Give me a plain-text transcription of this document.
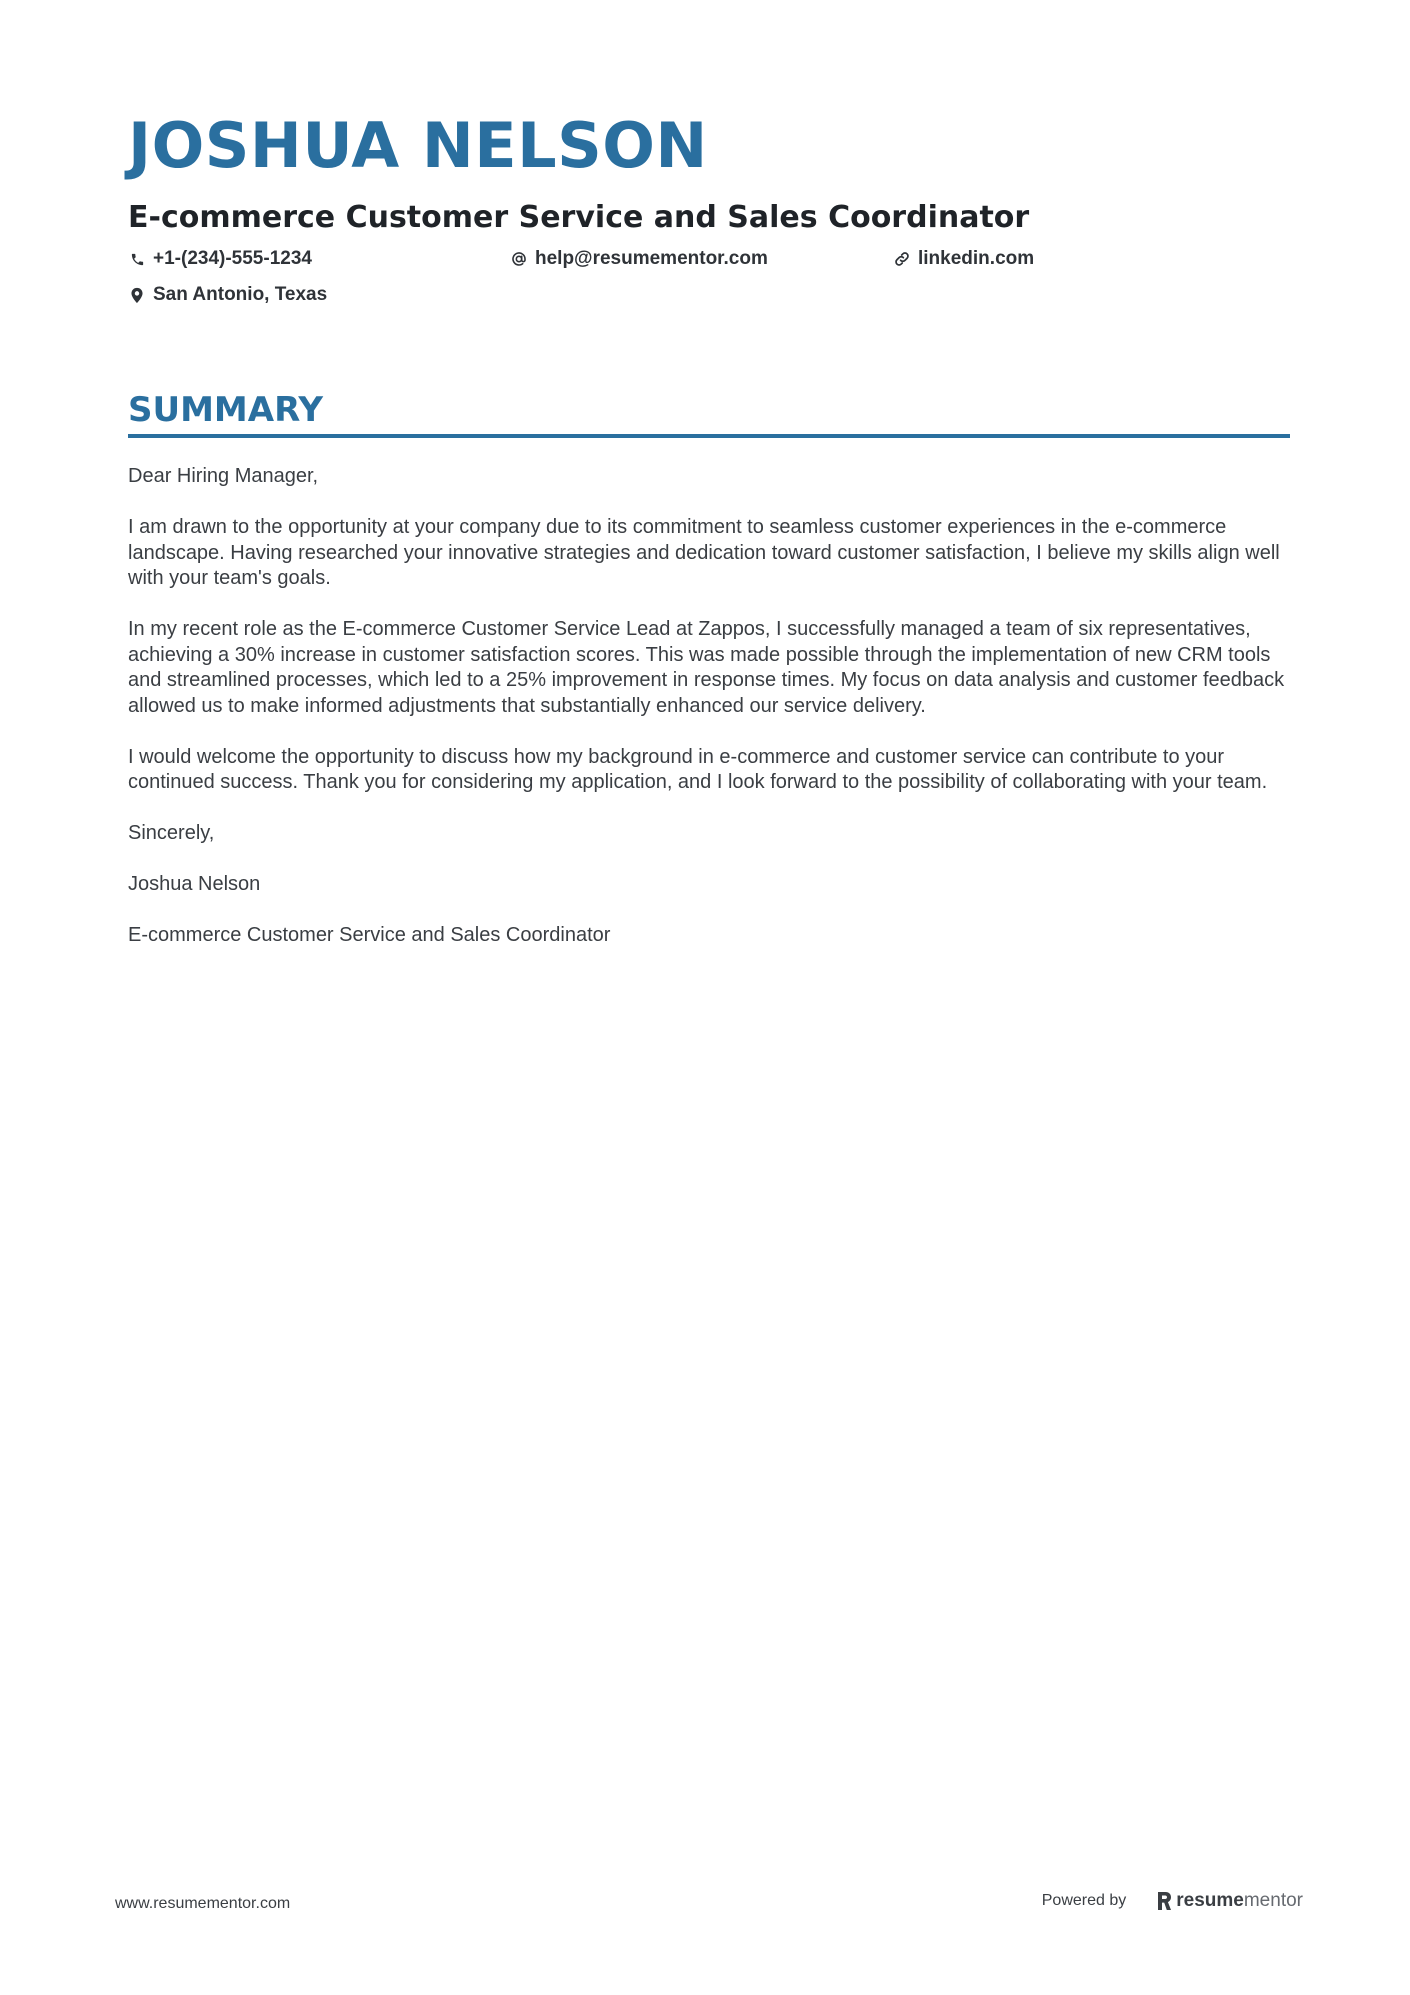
JOSHUA NELSON
E-commerce Customer Service and Sales Coordinator
+1-(234)-555-1234	help@resumementor.com	linkedin.com
San Antonio, Texas
SUMMARY

Dear Hiring Manager,

I am drawn to the opportunity at your company due to its commitment to seamless customer experiences in the e-commerce landscape. Having researched your innovative strategies and dedication toward customer satisfaction, I believe my skills align well with your team's goals.

In my recent role as the E-commerce Customer Service Lead at Zappos, I successfully managed a team of six representatives, achieving a 30% increase in customer satisfaction scores. This was made possible through the implementation of new CRM tools and streamlined processes, which led to a 25% improvement in response times. My focus on data analysis and customer feedback allowed us to make informed adjustments that substantially enhanced our service delivery.

I would welcome the opportunity to discuss how my background in e-commerce and customer service can contribute to your continued success. Thank you for considering my application, and I look forward to the possibility of collaborating with your team.

Sincerely,

Joshua Nelson

E-commerce Customer Service and Sales Coordinator

www.resumementor.com	Powered by	resume mentor
